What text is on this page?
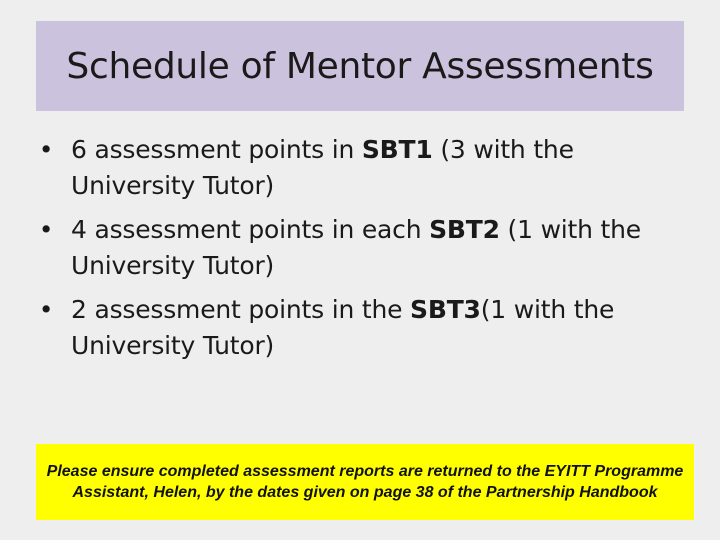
Schedule of Mentor Assessments
• 6 assessment points in SBT1 (3 with the University Tutor)
• 4 assessment points in each SBT2 (1 with the University Tutor)
• 2 assessment points in the SBT3(1 with the University Tutor)
Please ensure completed assessment reports are returned to the EYITT Programme Assistant, Helen, by the dates given on page 38 of the Partnership Handbook
